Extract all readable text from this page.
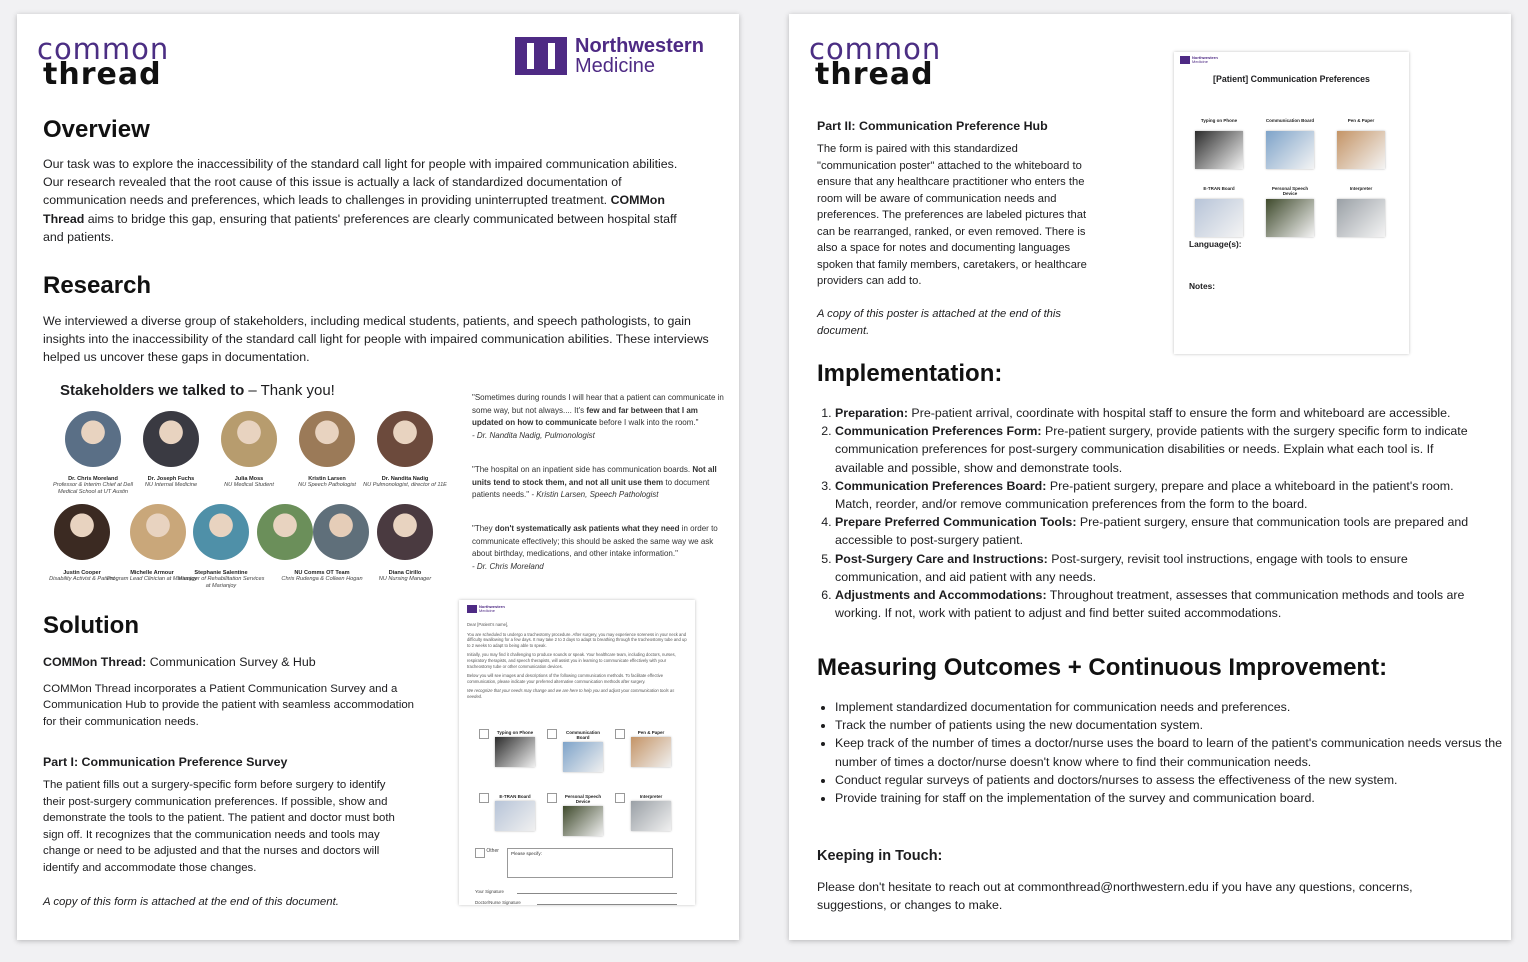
common
thread
Northwestern
Medicine
Overview

Our task was to explore the inaccessibility of the standard call light for people with impaired communication abilities. Our research revealed that the root cause of this issue is actually a lack of standardized documentation of communication needs and preferences, which leads to challenges in providing uninterrupted treatment. COMMon Thread aims to bridge this gap, ensuring that patients' preferences are clearly communicated between hospital staff and patients.

Research

We interviewed a diverse group of stakeholders, including medical students, patients, and speech pathologists, to gain insights into the inaccessibility of the standard call light for people with impaired communication abilities. These interviews helped us uncover these gaps in documentation.

Stakeholders we talked to – Thank you!
Dr. Chris Moreland
Professor & Interim Chief at Dell Medical School at UT Austin
Dr. Joseph Fuchs
NU Internal Medicine
Julia Moss
NU Medical Student
Kristin Larsen
NU Speech Pathologist
Dr. Nandita Nadig
NU Pulmonologist, director of 11E
Justin Cooper
Disability Activist & Patient
Michelle Armour
Program Lead Clinician at Marianjoy
Stephanie Salentine
Manager of Rehabilitation Services at Marianjoy
NU Comms OT Team
Chris Rudenga & Colleen Hogan
Diana Cirillo
NU Nursing Manager
"Sometimes during rounds I will hear that a patient can communicate in some way, but not always.... It's few and far between that I am updated on how to communicate before I walk into the room."
- Dr. Nandita Nadig, Pulmonologist
"The hospital on an inpatient side has communication boards. Not all units tend to stock them, and not all unit use them to document patients needs." - Kristin Larsen, Speech Pathologist
"They don't systematically ask patients what they need in order to communicate effectively; this should be asked the same way we ask about birthday, medications, and other intake information."
- Dr. Chris Moreland
Solution

COMMon Thread: Communication Survey & Hub

COMMon Thread incorporates a Patient Communication Survey and a Communication Hub to provide the patient with seamless accommodation for their communication needs.

Part I: Communication Preference Survey

The patient fills out a surgery-specific form before surgery to identify their post-surgery communication preferences. If possible, show and demonstrate the tools to the patient. The patient and doctor must both sign off. It recognizes that the communication needs and tools may change or need to be adjusted and that the nurses and doctors will identify and accommodate those changes.

A copy of this form is attached at the end of this document.

Northwestern
Medicine
Dear [Patient's name],
You are scheduled to undergo a tracheotomy procedure. After surgery, you may experience soreness in your neck and difficulty swallowing for a few days. It may take 2 to 3 days to adapt to breathing through the tracheostomy tube and up to 2 weeks to adapt to being able to speak.
Initially, you may find it challenging to produce sounds or speak. Your healthcare team, including doctors, nurses, respiratory therapists, and speech therapists, will assist you in learning to communicate effectively with your tracheostomy tube or other communication devices.
Below you will see images and descriptions of the following communication methods. To facilitate effective communication, please indicate your preferred alternative communication methods after surgery.
We recognize that your needs may change and we are here to help you and adjust your communication tools as needed.
Typing on Phone	Communication Board
Pen & Paper
E-TRAN Board	Personal Speech Device
Interpreter
Other	Please specify:
Your Signature
Doctor/Nurse Signature
common
thread

Part II: Communication Preference Hub

The form is paired with this standardized "communication poster" attached to the whiteboard to ensure that any healthcare practitioner who enters the room will be aware of communication needs and preferences. The preferences are labeled pictures that can be rearranged, ranked, or even removed. There is also a space for notes and documenting languages spoken that family members, caretakers, or healthcare providers can add to.

A copy of this poster is attached at the end of this document.

Northwestern
Medicine
[Patient] Communication Preferences
Typing on Phone	Communication Board	Pen & Paper
E-TRAN Board	Personal Speech Device
Interpreter
Language(s):
Notes:
Implementation:
1. Preparation: Pre-patient arrival, coordinate with hospital staff to ensure the form and whiteboard are accessible.
2. Communication Preferences Form: Pre-patient surgery, provide patients with the surgery specific form to indicate communication preferences for post-surgery communication disabilities or needs. Explain what each tool is. If available and possible, show and demonstrate tools.
3. Communication Preferences Board: Pre-patient surgery, prepare and place a whiteboard in the patient's room. Match, reorder, and/or remove communication preferences from the form to the board.
4. Prepare Preferred Communication Tools: Pre-patient surgery, ensure that communication tools are prepared and accessible to post-surgery patient.
5. Post-Surgery Care and Instructions: Post-surgery, revisit tool instructions, engage with tools to ensure communication, and aid patient with any needs.
6. Adjustments and Accommodations: Throughout treatment, assesses that communication methods and tools are working. If not, work with patient to adjust and find better suited accommodations.
Measuring Outcomes + Continuous Improvement:
• Implement standardized documentation for communication needs and preferences.
• Track the number of patients using the new documentation system.
• Keep track of the number of times a doctor/nurse uses the board to learn of the patient's communication needs versus the number of times a doctor/nurse doesn't know where to find their communication needs.
• Conduct regular surveys of patients and doctors/nurses to assess the effectiveness of the new system.
• Provide training for staff on the implementation of the survey and communication board.
Keeping in Touch:

Please don't hesitate to reach out at commonthread@northwestern.edu if you have any questions, concerns, suggestions, or changes to make.
